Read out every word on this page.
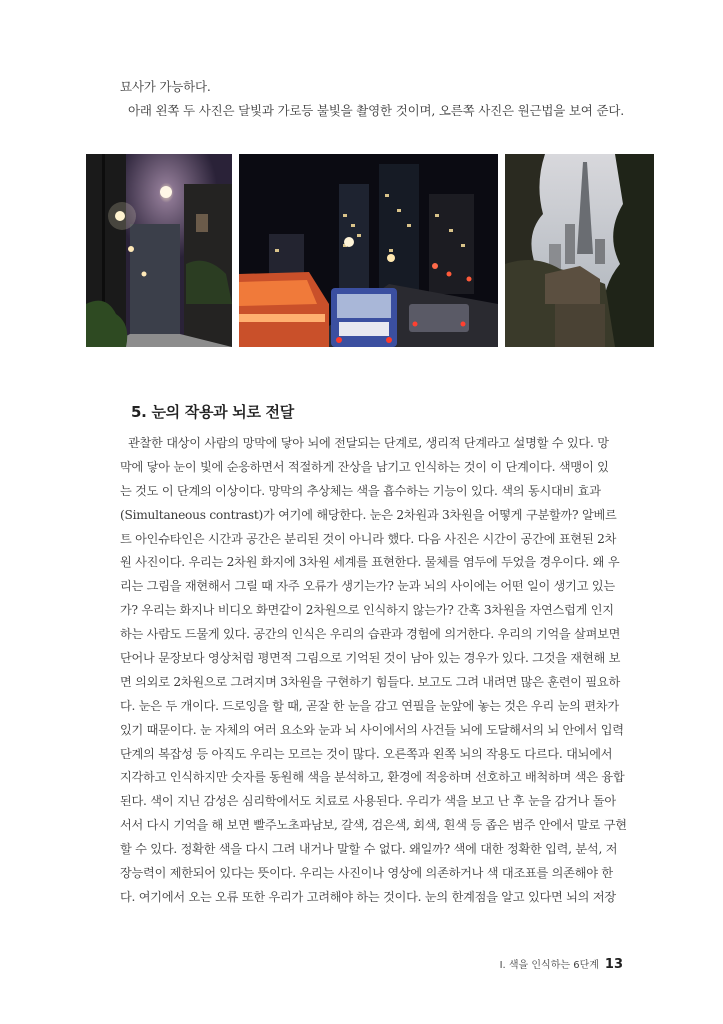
묘사가 가능하다.
아래 왼쪽 두 사진은 달빛과 가로등 불빛을 촬영한 것이며, 오른쪽 사진은 원근법을 보여 준다.
5. 눈의 작용과 뇌로 전달
관찰한 대상이 사람의 망막에 닿아 뇌에 전달되는 단계로, 생리적 단계라고 설명할 수 있다. 망
막에 닿아 눈이 빛에 순응하면서 적절하게 잔상을 남기고 인식하는 것이 이 단계이다. 색맹이 있
는 것도 이 단계의 이상이다. 망막의 추상체는 색을 흡수하는 기능이 있다. 색의 동시대비 효과
(Simultaneous contrast)가 여기에 해당한다. 눈은 2차원과 3차원을 어떻게 구분할까? 알베르
트 아인슈타인은 시간과 공간은 분리된 것이 아니라 했다. 다음 사진은 시간이 공간에 표현된 2차
원 사진이다. 우리는 2차원 화지에 3차원 세계를 표현한다. 물체를 염두에 두었을 경우이다. 왜 우
리는 그림을 재현해서 그릴 때 자주 오류가 생기는가? 눈과 뇌의 사이에는 어떤 일이 생기고 있는
가? 우리는 화지나 비디오 화면같이 2차원으로 인식하지 않는가? 간혹 3차원을 자연스럽게 인지
하는 사람도 드물게 있다. 공간의 인식은 우리의 습관과 경험에 의거한다. 우리의 기억을 살펴보면
단어나 문장보다 영상처럼 평면적 그림으로 기억된 것이 남아 있는 경우가 있다. 그것을 재현해 보
면 의외로 2차원으로 그려지며 3차원을 구현하기 힘들다. 보고도 그려 내려면 많은 훈련이 필요하
다. 눈은 두 개이다. 드로잉을 할 때, 곧잘 한 눈을 감고 연필을 눈앞에 놓는 것은 우리 눈의 편차가
있기 때문이다. 눈 자체의 여러 요소와 눈과 뇌 사이에서의 사건들 뇌에 도달해서의 뇌 안에서 입력
단계의 복잡성 등 아직도 우리는 모르는 것이 많다. 오른쪽과 왼쪽 뇌의 작용도 다르다. 대뇌에서
지각하고 인식하지만 숫자를 동원해 색을 분석하고, 환경에 적응하며 선호하고 배척하며 색은 융합
된다. 색이 지닌 감성은 심리학에서도 치료로 사용된다. 우리가 색을 보고 난 후 눈을 감거나 돌아
서서 다시 기억을 해 보면 빨주노초파남보, 갈색, 검은색, 회색, 흰색 등 좁은 범주 안에서 말로 구현
할 수 있다. 정확한 색을 다시 그려 내거나 말할 수 없다. 왜일까? 색에 대한 정확한 입력, 분석, 저
장능력이 제한되어 있다는 뜻이다. 우리는 사진이나 영상에 의존하거나 색 대조표를 의존해야 한
다. 여기에서 오는 오류 또한 우리가 고려해야 하는 것이다. 눈의 한계점을 알고 있다면 뇌의 저장
Ⅰ. 색을 인식하는 6단계 13
